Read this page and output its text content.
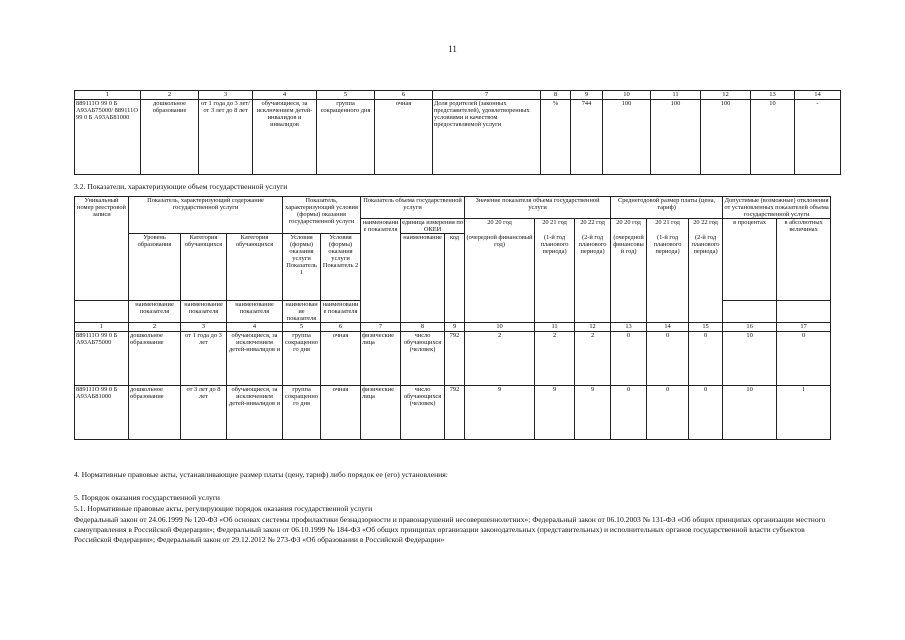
11
1	2	3	4	5	6	7	8	9	10	11	12	13	14
889111О 99 0 Б А93АБ75000/ 889111О 99 0 Б А93АБ81000	дошкольное образование	от 1 года до 3 лет/ от 3 лет до 8 лет	обучающиеся, за исключением детей-инвалидов и инвалидов	группа сокращенного дня	очная	Доля родителей (законных представителей), удовлетворенных условиями и качеством предоставляемой услуги	%	744	100	100	100	10	-
3.2. Показатели, характеризующие объем государственной услуги
Уникальный номер реестровой записи	Показатель, характеризующий содержание государственной услуги			Показатель, характеризующий условия (формы) оказания государственной услуги		Показатель объема государственной услуги			Значение показателя объема государственной услуги			Среднегодовой размер платы (цена, тариф)			Допустимые (возможные) отклонения от установленных показателей объема государственной услуги	
						наименование показателя	единица измерения по ОКЕИ		20 20 год	20 21 год	20 22 год	20 20 год	20 21 год	20 22 год	в процентах	в абсолютных величинах
	Уровень образования	Категория обучающихся	Категория обучающихся	Условия (формы) оказания услуги Показатель 1	Условия (формы) оказания услуги Показатель 2		наименование	код	(очередной финансовый год)	(1-й год планового периода)	(2-й год планового периода)	(очередной финансовый год)	(1-й год планового периода)	(2-й год планового периода)		
	наименование показателя	наименование показателя	наименование показателя	наименование показателя	наименование показателя											
1	2	3	4	5	6	7	8	9	10	11	12	13	14	15	16	17
889111О 99 0 Б А93АБ75000	дошкольное образование	от 1 года до 3 лет	обучающиеся, за исключением детей-инвалидов и	группа сокращенного дня	очная	физические лица	число обучающихся (человек)	792	2	2	2	0	0	0	10	0
889111О 99 0 Б А93АБ81000	дошкольное образование	от 3 лет до 8 лет	обучающиеся, за исключением детей-инвалидов и	группа сокращенного дня	очная	физические лица	число обучающихся (человек)	792	9	9	9	0	0	0	10	1
4. Нормативные правовые акты, устанавливающие размер платы (цену, тариф) либо порядок ее (его) установления:
5. Порядок оказания государственной услуги
5.1. Нормативные правовые акты, регулирующие порядок оказания государственной услуги
Федеральный закон от 24.06.1999 № 120-ФЗ «Об основах системы профилактики безнадзорности и правонарушений несовершеннолетних»; Федеральный закон от 06.10.2003 № 131-ФЗ «Об общих принципах организации местного самоуправления в Российской Федерации»; Федеральный закон от 06.10.1999 № 184-ФЗ «Об общих принципах организации законодательных (представительных) и исполнительных органов государственной власти субъектов Российской Федерации»; Федеральный закон от 29.12.2012 № 273-ФЗ «Об образовании в Российской Федерации»
